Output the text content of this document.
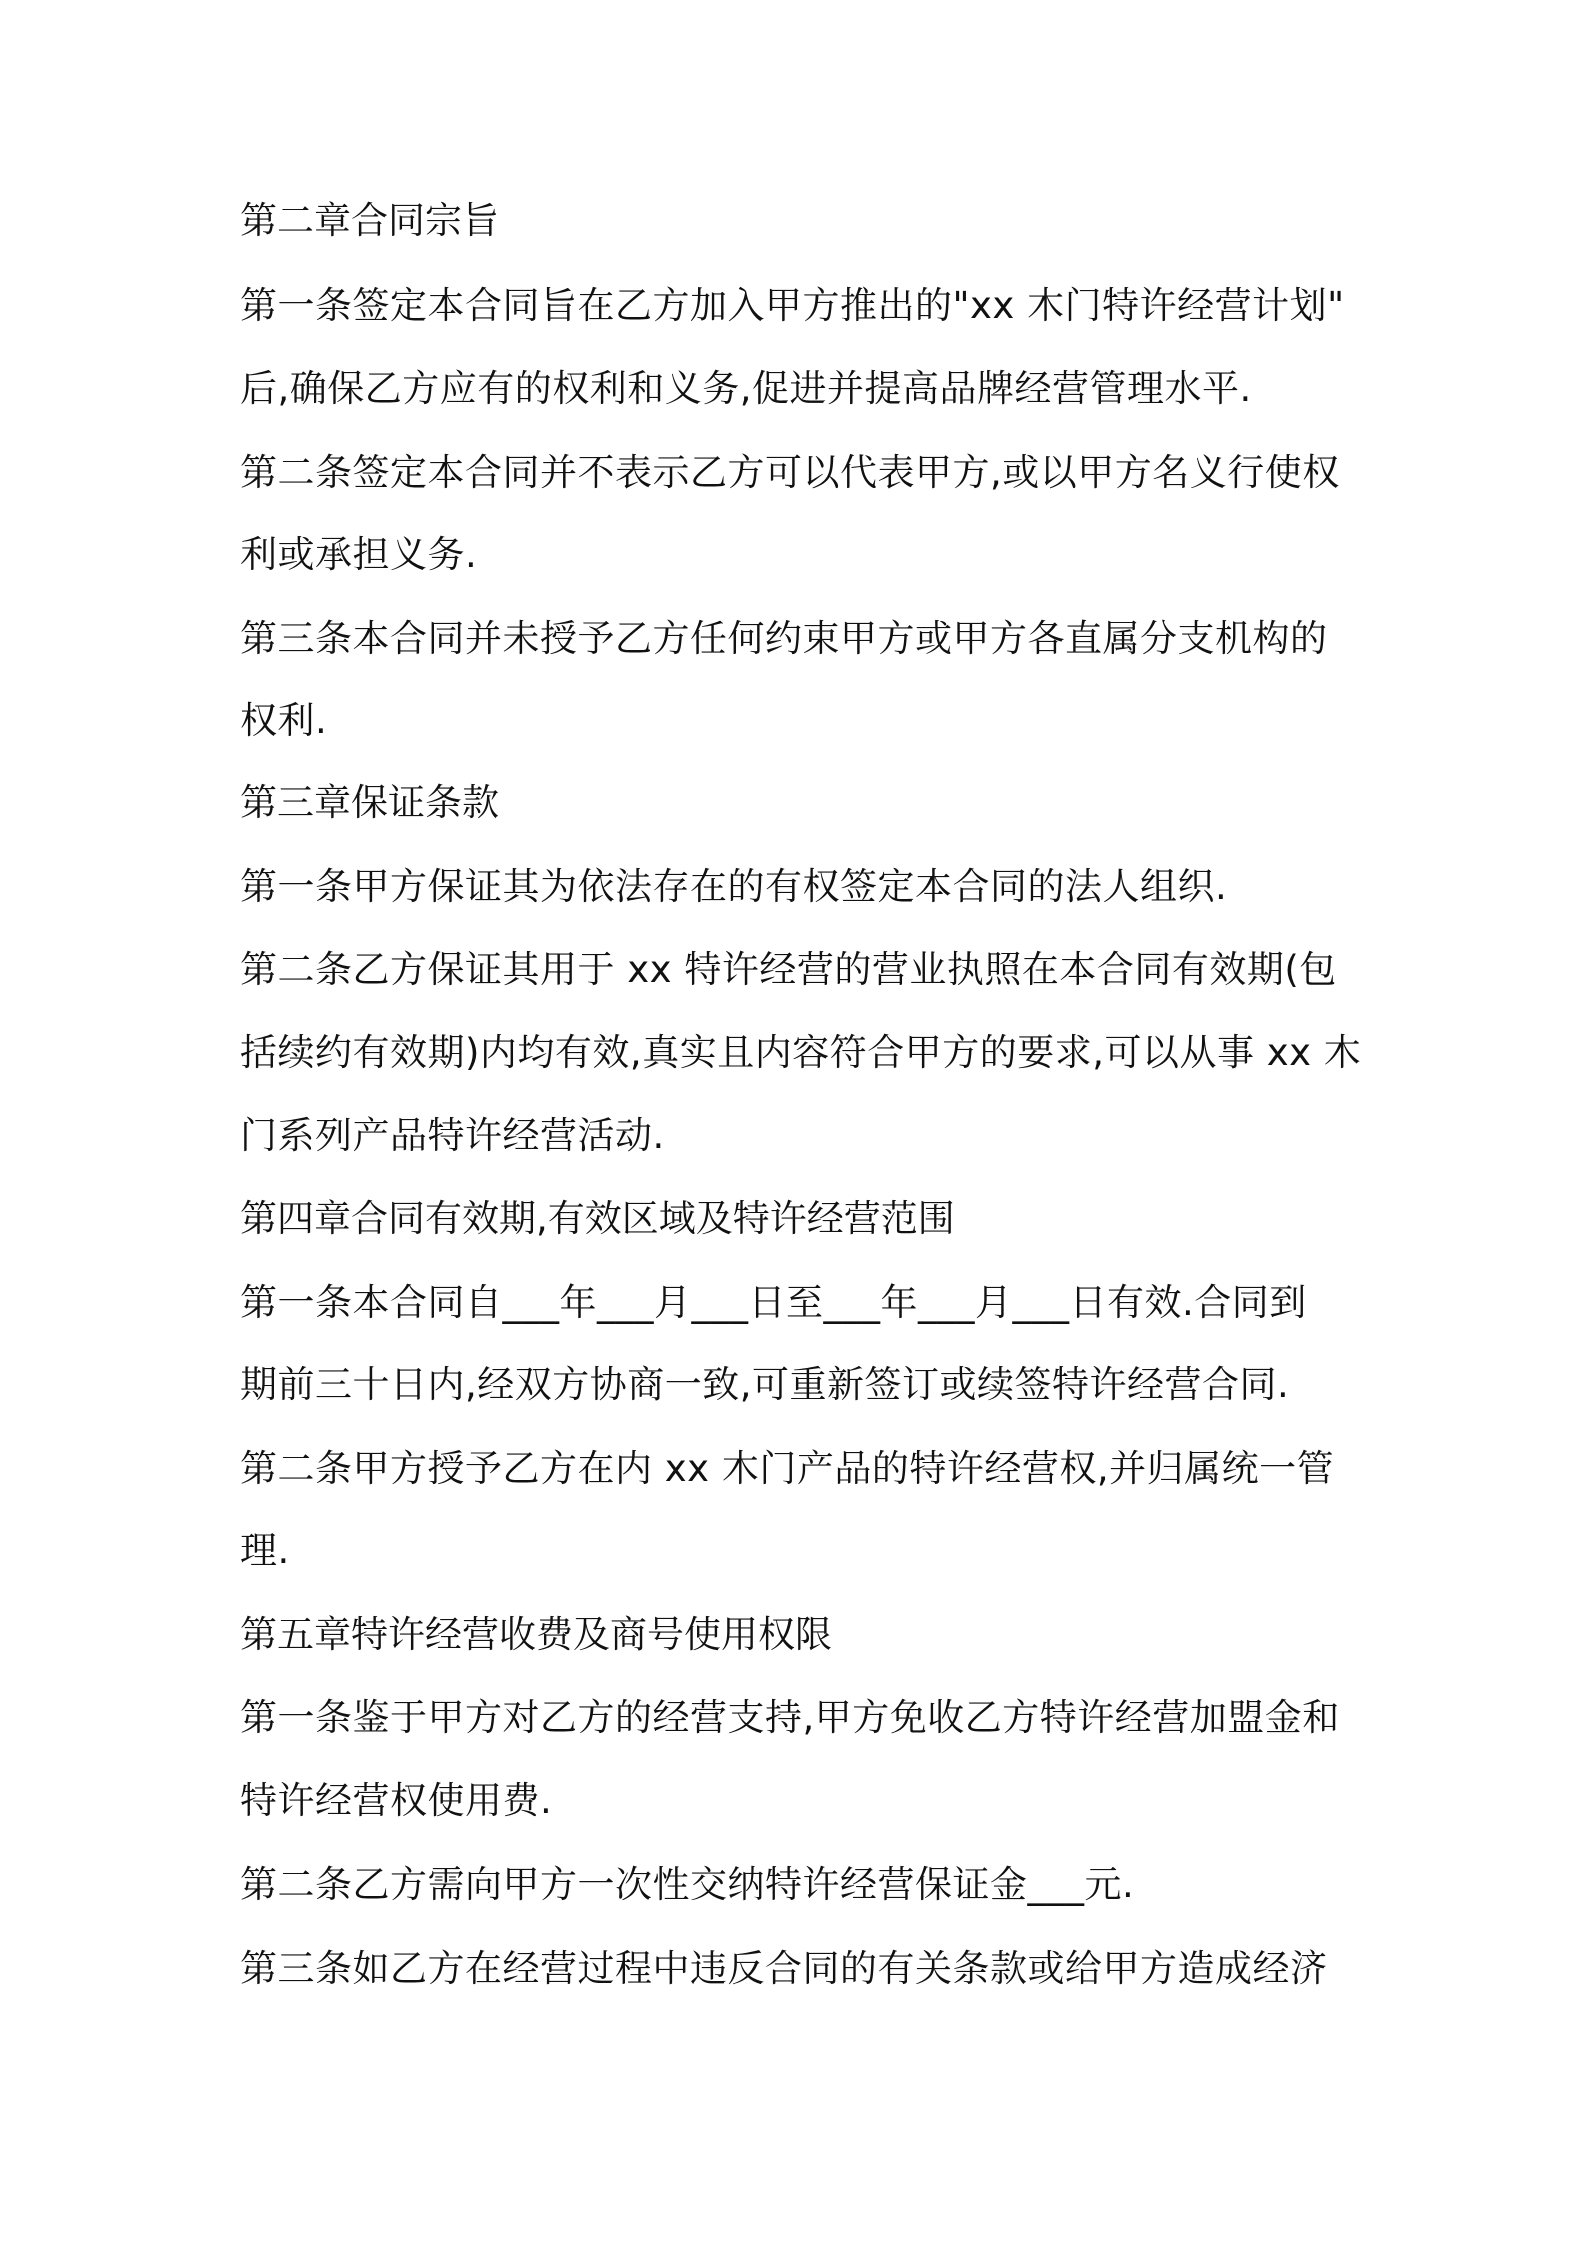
第二章合同宗旨
第一条签定本合同旨在乙方加入甲方推出的"xx 木门特许经营计划"
后,确保乙方应有的权利和义务,促进并提高品牌经营管理水平.
第二条签定本合同并不表示乙方可以代表甲方,或以甲方名义行使权
利或承担义务.
第三条本合同并未授予乙方任何约束甲方或甲方各直属分支机构的
权利.
第三章保证条款
第一条甲方保证其为依法存在的有权签定本合同的法人组织.
第二条乙方保证其用于 xx 特许经营的营业执照在本合同有效期(包
括续约有效期)内均有效,真实且内容符合甲方的要求,可以从事 xx 木
门系列产品特许经营活动.
第四章合同有效期,有效区域及特许经营范围
第一条本合同自___年___月___日至___年___月___日有效.合同到
期前三十日内,经双方协商一致,可重新签订或续签特许经营合同.
第二条甲方授予乙方在内 xx 木门产品的特许经营权,并归属统一管
理.
第五章特许经营收费及商号使用权限
第一条鉴于甲方对乙方的经营支持,甲方免收乙方特许经营加盟金和
特许经营权使用费.
第二条乙方需向甲方一次性交纳特许经营保证金___元.
第三条如乙方在经营过程中违反合同的有关条款或给甲方造成经济
